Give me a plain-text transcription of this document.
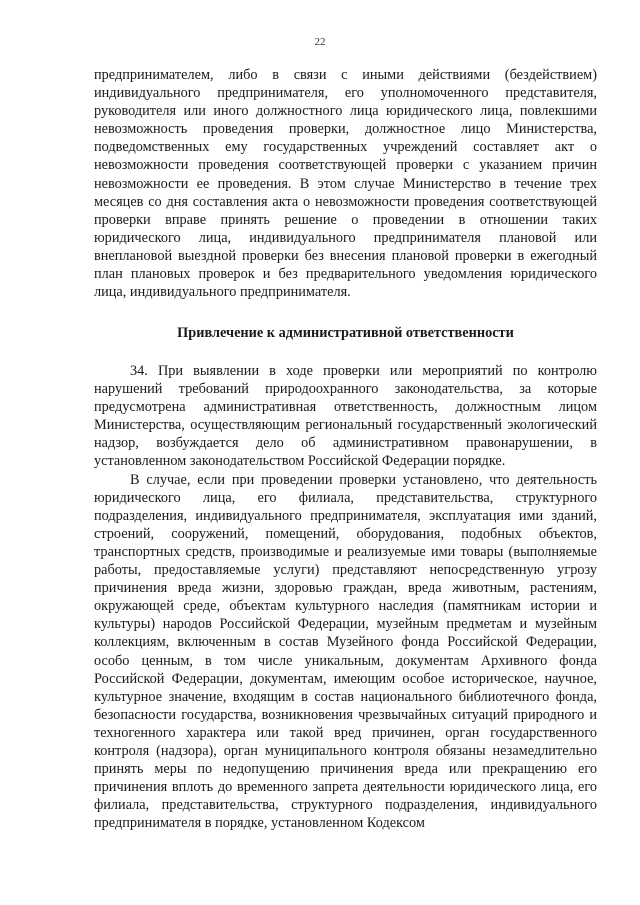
22

предпринимателем, либо в связи с иными действиями (бездействием) индивидуального предпринимателя, его уполномоченного представителя, руководителя или иного должностного лица юридического лица, повлекшими невозможность проведения проверки, должностное лицо Министерства, подведомственных ему государственных учреждений составляет акт о невозможности проведения соответствующей проверки с указанием причин невозможности ее проведения. В этом случае Министерство в течение трех месяцев со дня составления акта о невозможности проведения соответствующей проверки вправе принять решение о проведении в отношении таких юридического лица, индивидуального предпринимателя плановой или внеплановой выездной проверки без внесения плановой проверки в ежегодный план плановых проверок и без предварительного уведомления юридического лица, индивидуального предпринимателя.

Привлечение к административной ответственности

34. При выявлении в ходе проверки или мероприятий по контролю нарушений требований природоохранного законодательства, за которые предусмотрена административная ответственность, должностным лицом Министерства, осуществляющим региональный государственный экологический надзор, возбуждается дело об административном правонарушении, в установленном законодательством Российской Федерации порядке.

В случае, если при проведении проверки установлено, что деятельность юридического лица, его филиала, представительства, структурного подразделения, индивидуального предпринимателя, эксплуатация ими зданий, строений, сооружений, помещений, оборудования, подобных объектов, транспортных средств, производимые и реализуемые ими товары (выполняемые работы, предоставляемые услуги) представляют непосредственную угрозу причинения вреда жизни, здоровью граждан, вреда животным, растениям, окружающей среде, объектам культурного наследия (памятникам истории и культуры) народов Российской Федерации, музейным предметам и музейным коллекциям, включенным в состав Музейного фонда Российской Федерации, особо ценным, в том числе уникальным, документам Архивного фонда Российской Федерации, документам, имеющим особое историческое, научное, культурное значение, входящим в состав национального библиотечного фонда, безопасности государства, возникновения чрезвычайных ситуаций природного и техногенного характера или такой вред причинен, орган государственного контроля (надзора), орган муниципального контроля обязаны незамедлительно принять меры по недопущению причинения вреда или прекращению его причинения вплоть до временного запрета деятельности юридического лица, его филиала, представительства, структурного подразделения, индивидуального предпринимателя в порядке, установленном Кодексом
